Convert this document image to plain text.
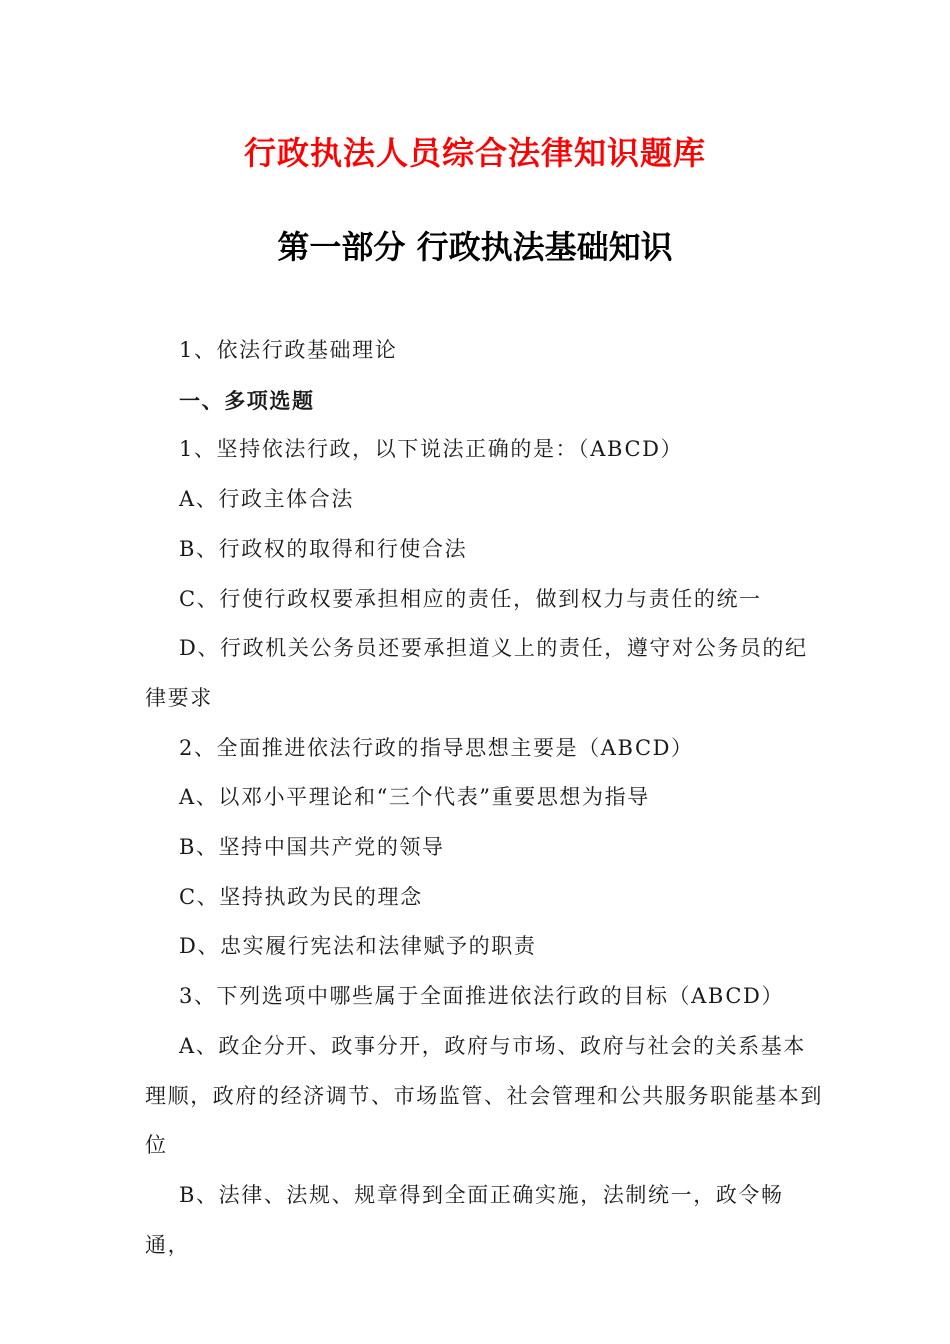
行政执法人员综合法律知识题库
第一部分 行政执法基础知识

1、依法行政基础理论

一、多项选题

1、坚持依法行政，以下说法正确的是：（ABCD）

A、行政主体合法

B、行政权的取得和行使合法

C、行使行政权要承担相应的责任，做到权力与责任的统一

D、行政机关公务员还要承担道义上的责任，遵守对公务员的纪律要求

2、全面推进依法行政的指导思想主要是（ABCD）

A、以邓小平理论和“三个代表”重要思想为指导

B、坚持中国共产党的领导

C、坚持执政为民的理念

D、忠实履行宪法和法律赋予的职责

3、下列选项中哪些属于全面推进依法行政的目标（ABCD）

A、政企分开、政事分开，政府与市场、政府与社会的关系基本理顺，政府的经济调节、市场监管、社会管理和公共服务职能基本到位

B、法律、法规、规章得到全面正确实施，法制统一，政令畅通，
